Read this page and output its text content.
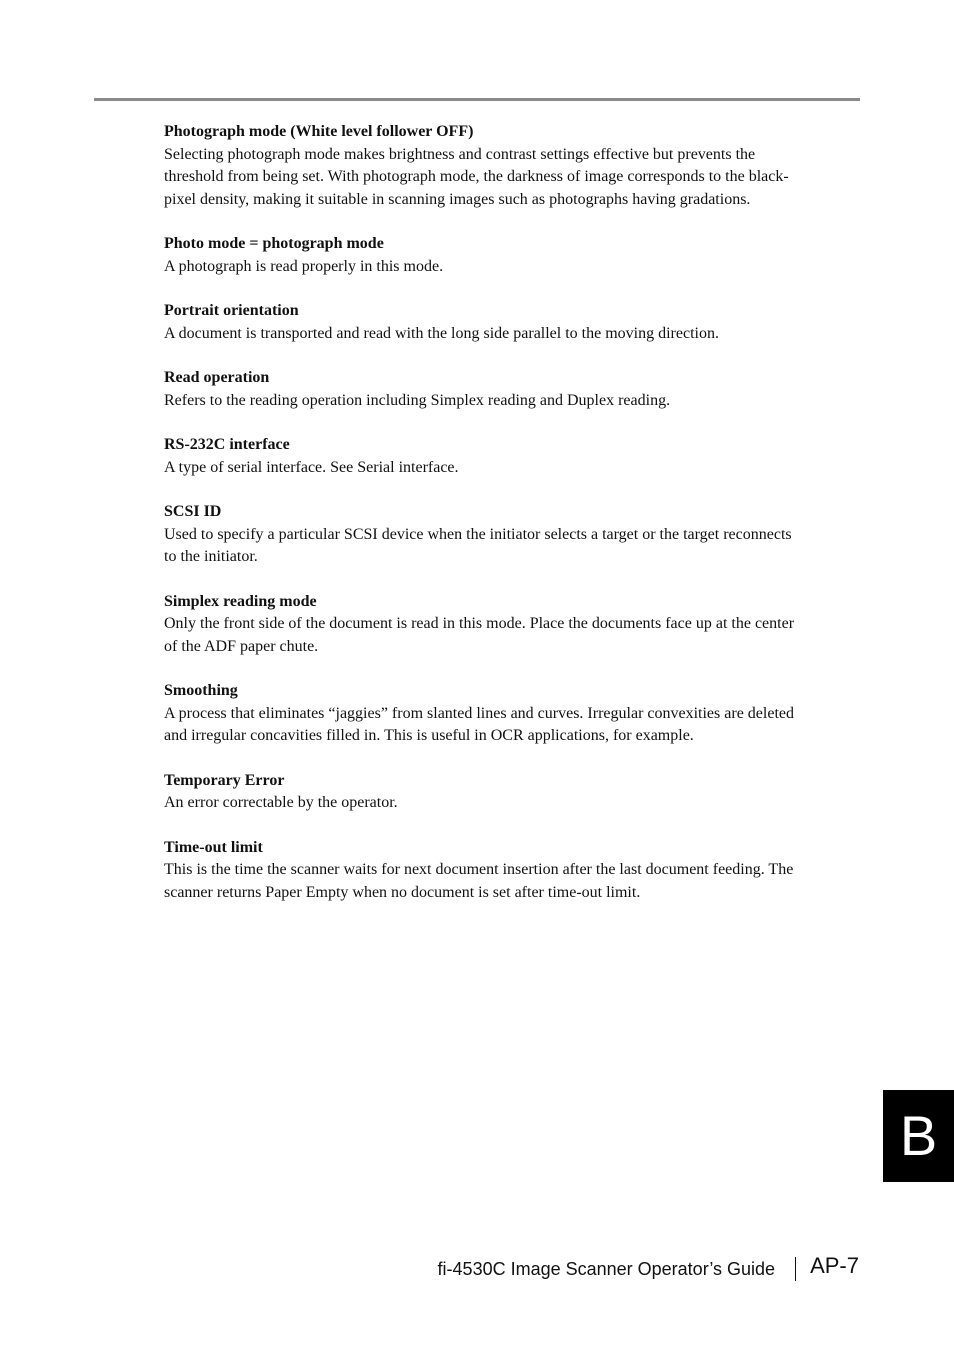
Photograph mode (White level follower OFF)
Selecting photograph mode makes brightness and contrast settings effective but prevents the
threshold from being set. With photograph mode, the darkness of image corresponds to the black-
pixel density, making it suitable in scanning images such as photographs having gradations.
Photo mode = photograph mode
A photograph is read properly in this mode.
Portrait orientation
A document is transported and read with the long side parallel to the moving direction.
Read operation
Refers to the reading operation including Simplex reading and Duplex reading.
RS-232C interface
A type of serial interface. See Serial interface.
SCSI ID
Used to specify a particular SCSI device when the initiator selects a target or the target reconnects
to the initiator.
Simplex reading mode
Only the front side of the document is read in this mode. Place the documents face up at the center
of the ADF paper chute.
Smoothing
A process that eliminates “jaggies” from slanted lines and curves. Irregular convexities are deleted
and irregular concavities filled in. This is useful in OCR applications, for example.
Temporary Error
An error correctable by the operator.
Time-out limit
This is the time the scanner waits for next document insertion after the last document feeding. The
scanner returns Paper Empty when no document is set after time-out limit.
B
fi-4530C Image Scanner Operator’s Guide AP-7
